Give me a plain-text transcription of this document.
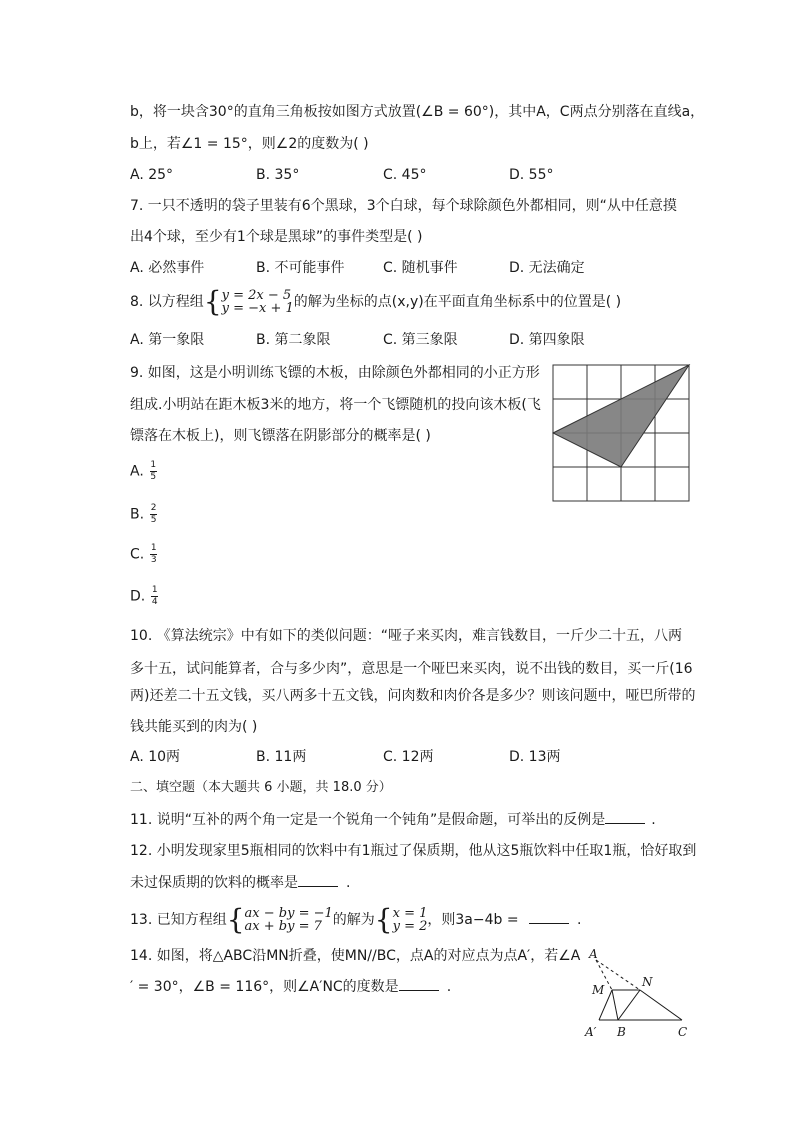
b，将一块含30°的直角三角板按如图方式放置(∠B = 60°)，其中A，C两点分别落在直线a，
b上，若∠1 = 15°，则∠2的度数为( )
A. 25°	B. 35°	C. 45°	D. 55°
7. 一只不透明的袋子里装有6个黑球，3个白球，每个球除颜色外都相同，则“从中任意摸
出4个球，至少有1个球是黑球”的事件类型是( )
A. 必然事件	B. 不可能事件	C. 随机事件	D. 无法确定
8. 以方程组 { y = 2x − 5
y = −x + 1 的解为坐标的点(x,y)在平面直角坐标系中的位置是( )
A. 第一象限	B. 第二象限	C. 第三象限	D. 第四象限
9. 如图，这是小明训练飞镖的木板，由除颜色外都相同的小正方形
组成.小明站在距木板3米的地方，将一个飞镖随机的投向该木板(飞
镖落在木板上)，则飞镖落在阴影部分的概率是( )
A. $\frac{1}{5}$
B. $\frac{2}{5}$
C. $\frac{1}{3}$
D. $\frac{1}{4}$
10. 《算法统宗》中有如下的类似问题：“哑子来买肉，难言钱数目，一斤少二十五，八两
多十五，试问能算者，合与多少肉”，意思是一个哑巴来买肉，说不出钱的数目，买一斤(16
两)还差二十五文钱，买八两多十五文钱，问肉数和肉价各是多少？则该问题中，哑巴所带的
钱共能买到的肉为( )
A. 10两	B. 11两	C. 12两	D. 13两
二、填空题（本大题共 6 小题，共 18.0 分）
11. 说明“互补的两个角一定是一个锐角一个钝角”是假命题，可举出的反例是	.
12. 小明发现家里5瓶相同的饮料中有1瓶过了保质期，他从这5瓶饮料中任取1瓶，恰好取到
未过保质期的饮料的概率是	.
13. 已知方程组 { ax − by = −1
ax + by = 7 的解为 { x = 1
y = 2 ，则3a−4b =	.
14. 如图，将△ABC沿MN折叠，使MN//BC，点A的对应点为点A′，若∠A
′ = 30°，∠B = 116°，则∠A′NC的度数是	.
A
N
M
A′ B	C
